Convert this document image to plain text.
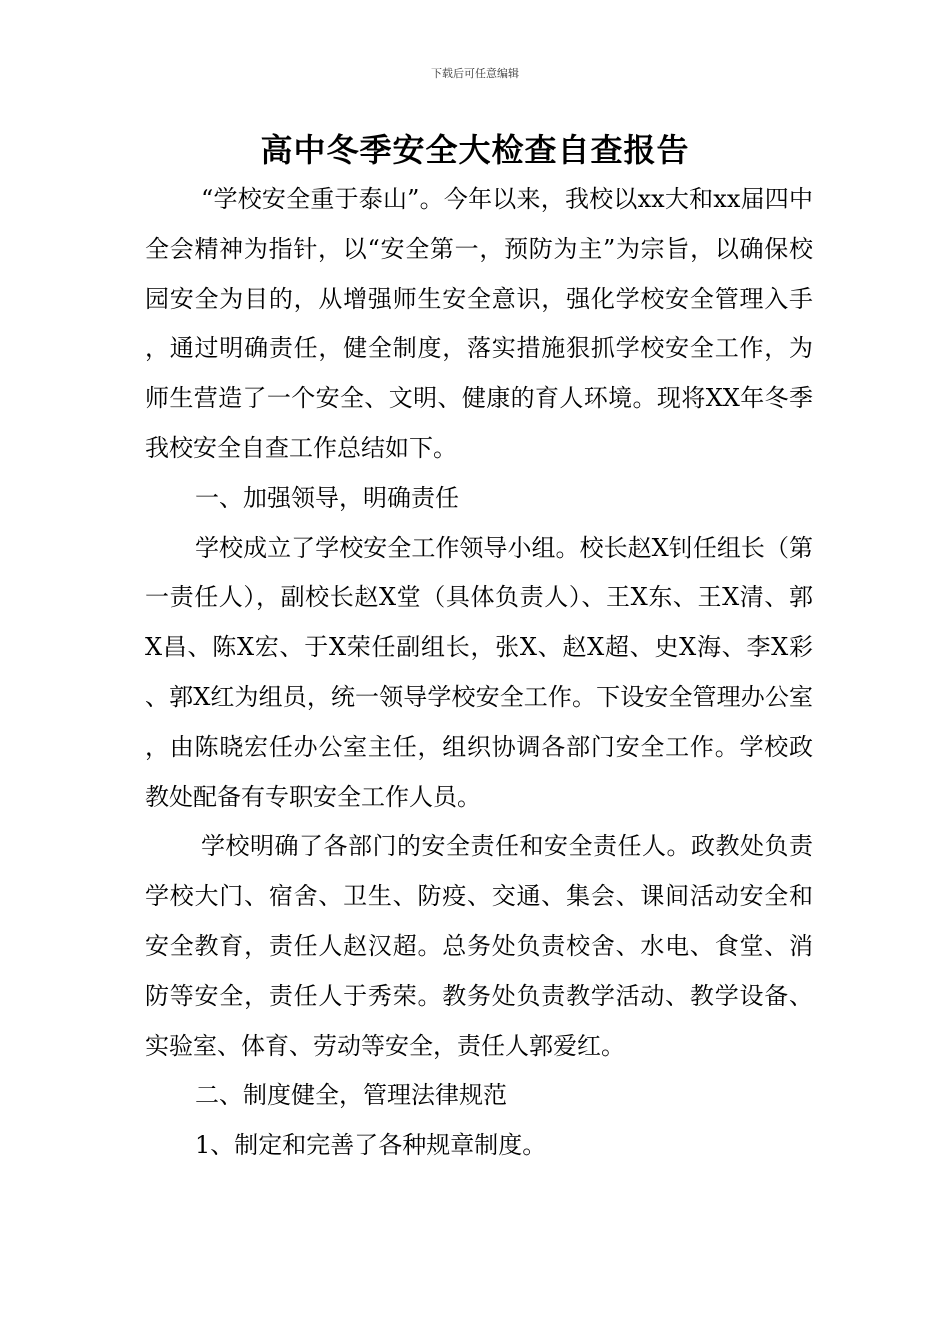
下载后可任意编辑
高中冬季安全大检查自查报告

“学校安全重于泰山”。今年以来，我校以xx大和xx届四中全会精神为指针，以“安全第一，预防为主”为宗旨，以确保校园安全为目的，从增强师生安全意识，强化学校安全管理入手，通过明确责任，健全制度，落实措施狠抓学校安全工作，为师生营造了一个安全、文明、健康的育人环境。现将XX年冬季我校安全自查工作总结如下。

一、加强领导，明确责任

学校成立了学校安全工作领导小组。校长赵X钊任组长（第一责任人），副校长赵X堂（具体负责人）、王X东、王X清、郭X昌、陈X宏、于X荣任副组长，张X、赵X超、史X海、李X彩、郭X红为组员，统一领导学校安全工作。下设安全管理办公室，由陈晓宏任办公室主任，组织协调各部门安全工作。学校政教处配备有专职安全工作人员。

学校明确了各部门的安全责任和安全责任人。政教处负责学校大门、宿舍、卫生、防疫、交通、集会、课间活动安全和安全教育，责任人赵汉超。总务处负责校舍、水电、食堂、消防等安全，责任人于秀荣。教务处负责教学活动、教学设备、实验室、体育、劳动等安全，责任人郭爱红。

二、制度健全，管理法律规范

1、制定和完善了各种规章制度。
